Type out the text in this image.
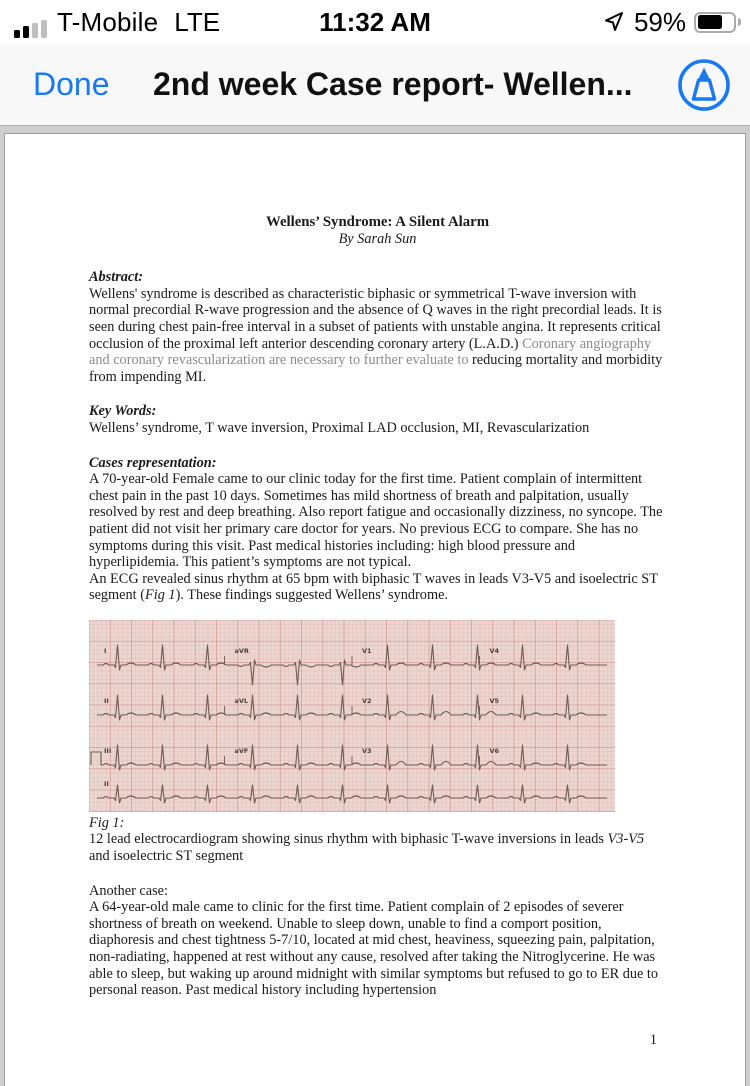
T-Mobile LTE	11:32 AM	59%
Done	2nd week Case report- Wellen...
Wellens’ Syndrome: A Silent Alarm
By Sarah Sun
Abstract:
Wellens' syndrome is described as characteristic biphasic or symmetrical T-wave inversion with normal precordial R-wave progression and the absence of Q waves in the right precordial leads. It is seen during chest pain-free interval in a subset of patients with unstable angina. It represents critical occlusion of the proximal left anterior descending coronary artery (L.A.D.) Coronary angiography and coronary revascularization are necessary to further evaluate to reducing mortality and morbidity from impending MI.
Key Words:
Wellens’ syndrome, T wave inversion, Proximal LAD occlusion, MI, Revascularization
Cases representation:
A 70-year-old Female came to our clinic today for the first time. Patient complain of intermittent chest pain in the past 10 days. Sometimes has mild shortness of breath and palpitation, usually resolved by rest and deep breathing. Also report fatigue and occasionally dizziness, no syncope. The patient did not visit her primary care doctor for years. No previous ECG to compare. She has no symptoms during this visit. Past medical histories including: high blood pressure and hyperlipidemia. This patient’s symptoms are not typical.
An ECG revealed sinus rhythm at 65 bpm with biphasic T waves in leads V3-V5 and isoelectric ST segment (Fig 1). These findings suggested Wellens’ syndrome.
I	aVR	V1	V4
II	aVL	V2	V5
III	aVF	V3	V6
II
Fig 1:
12 lead electrocardiogram showing sinus rhythm with biphasic T-wave inversions in leads V3-V5 and isoelectric ST segment
Another case:
A 64-year-old male came to clinic for the first time. Patient complain of 2 episodes of severer shortness of breath on weekend. Unable to sleep down, unable to find a comport position, diaphoresis and chest tightness 5-7/10, located at mid chest, heaviness, squeezing pain, palpitation, non-radiating, happened at rest without any cause, resolved after taking the Nitroglycerine. He was able to sleep, but waking up around midnight with similar symptoms but refused to go to ER due to personal reason. Past medical history including hypertension
1
